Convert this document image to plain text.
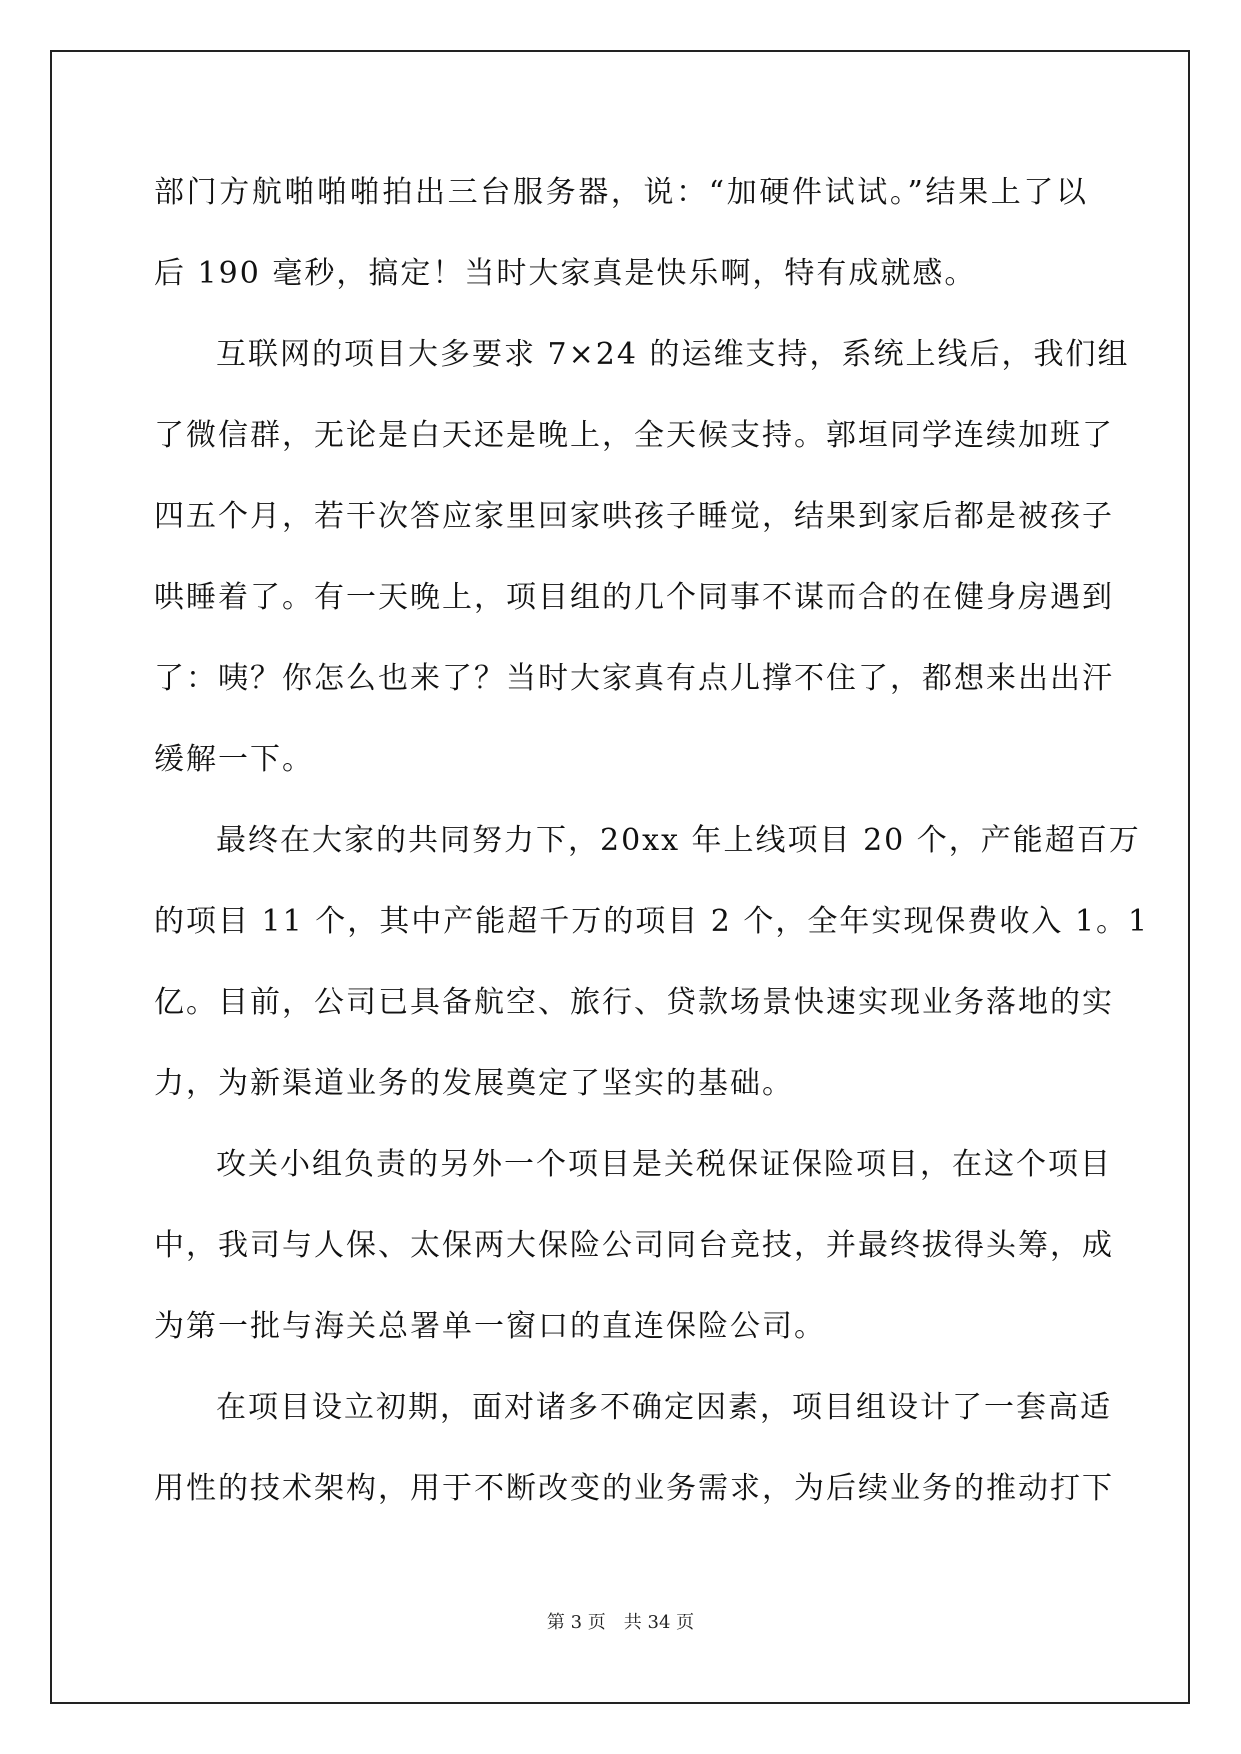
部门方航啪啪啪拍出三台服务器，说：“加硬件试试。”结果上了以
后 190 毫秒，搞定！当时大家真是快乐啊，特有成就感。
互联网的项目大多要求 7×24 的运维支持，系统上线后，我们组
了微信群，无论是白天还是晚上，全天候支持。郭垣同学连续加班了
四五个月，若干次答应家里回家哄孩子睡觉，结果到家后都是被孩子
哄睡着了。有一天晚上，项目组的几个同事不谋而合的在健身房遇到
了：咦？你怎么也来了？当时大家真有点儿撑不住了，都想来出出汗
缓解一下。
最终在大家的共同努力下，20xx 年上线项目 20 个，产能超百万
的项目 11 个，其中产能超千万的项目 2 个，全年实现保费收入 1。1
亿。目前，公司已具备航空、旅行、贷款场景快速实现业务落地的实
力，为新渠道业务的发展奠定了坚实的基础。
攻关小组负责的另外一个项目是关税保证保险项目，在这个项目
中，我司与人保、太保两大保险公司同台竞技，并最终拔得头筹，成
为第一批与海关总署单一窗口的直连保险公司。
在项目设立初期，面对诸多不确定因素，项目组设计了一套高适
用性的技术架构，用于不断改变的业务需求，为后续业务的推动打下
第 3 页 共 34 页
